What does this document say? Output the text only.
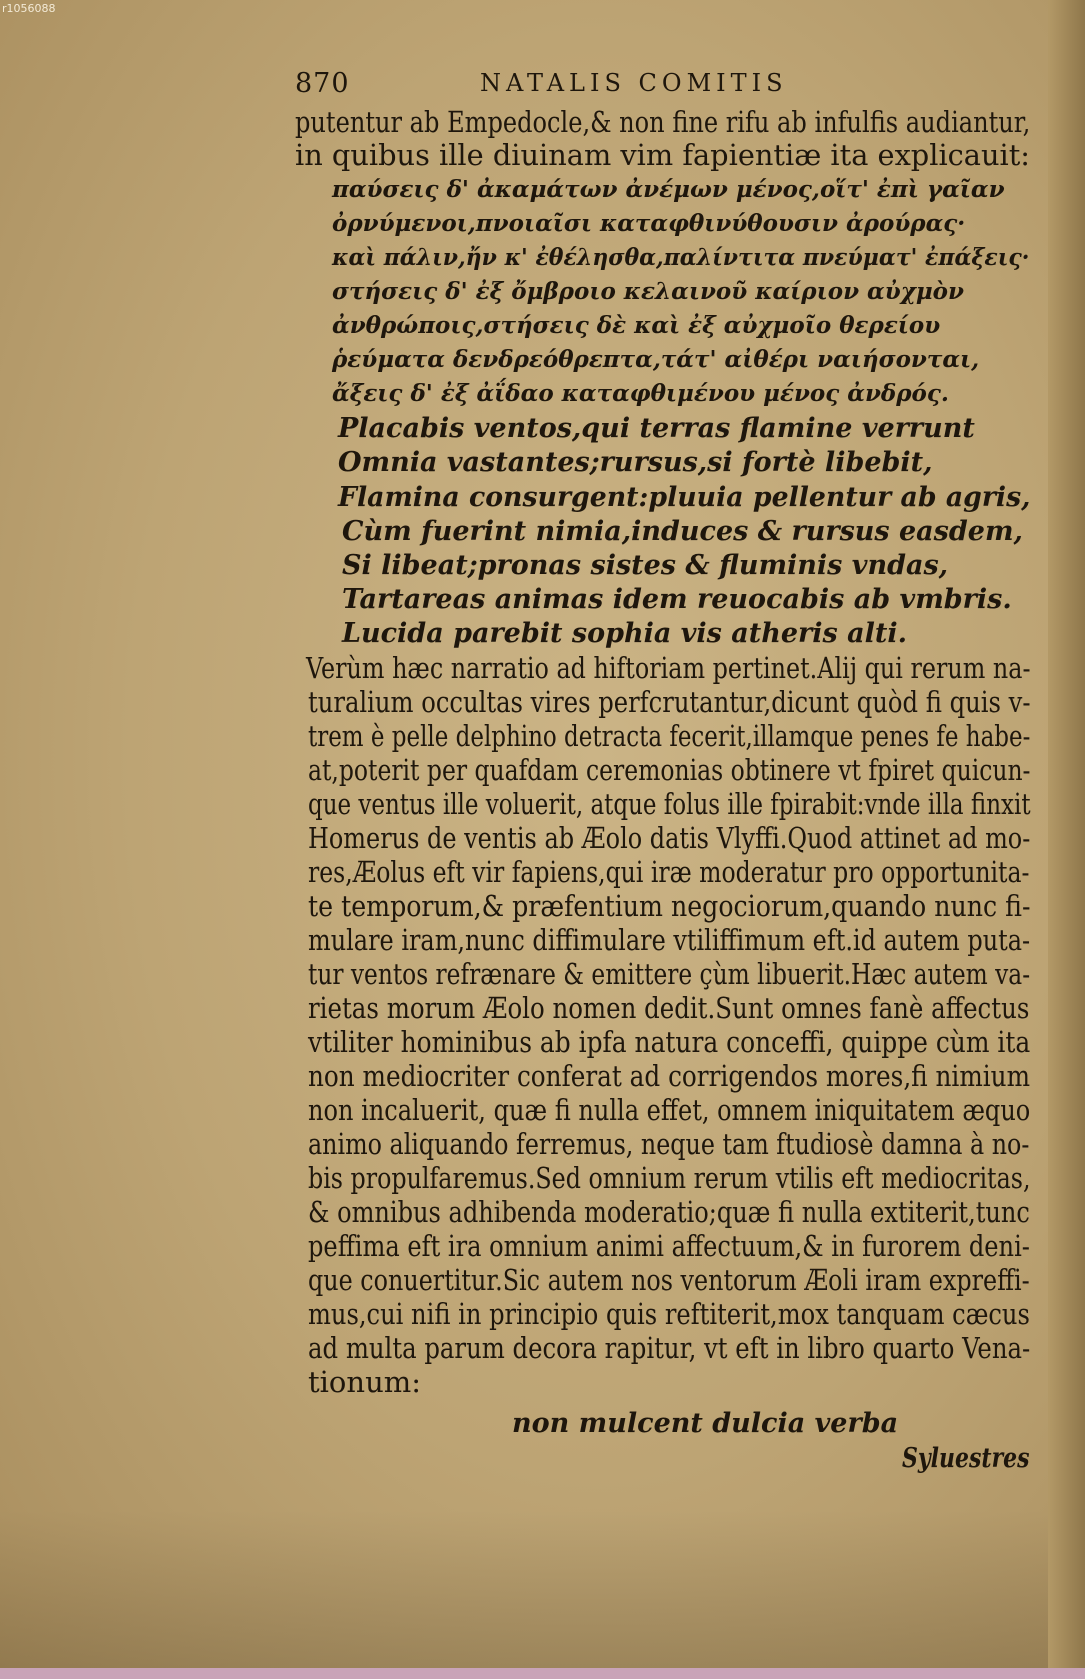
r1056088
870	NATALIS COMITIS
putentur ab Empedocle,& non fine rifu ab infulfis audiantur,
in quibus ille diuinam vim fapientiæ ita explicauit:
παύσεις δ' ἀκαμάτων ἀνέμων μένος,οἵτ' ἐπὶ γαῖαν
ὀρνύμενοι,πνοιαῖσι καταφθινύθουσιν ἀρούρας·
καὶ πάλιν,ἤν κ' ἐθέλησθα,παλίντιτα πνεύματ' ἐπάξεις·
στήσεις δ' ἐξ ὄμβροιο κελαινοῦ καίριον αὐχμὸν
ἀνθρώποις,στήσεις δὲ καὶ ἐξ αὐχμοῖο θερείου
ῥεύματα δενδρεόθρεπτα,τάτ' αἰθέρι ναιήσονται,
ἄξεις δ' ἐξ ἀΐδαο καταφθιμένου μένος ἀνδρός.
Placabis ventos,qui terras flamine verrunt
Omnia vastantes;rursus,si fortè libebit,
Flamina consurgent:pluuia pellentur ab agris,
Cùm fuerint nimia,induces & rursus easdem,
Si libeat;pronas sistes & fluminis vndas,
Tartareas animas idem reuocabis ab vmbris.
Lucida parebit sophia vis atheris alti.
Verùm hæc narratio ad hiftoriam pertinet.Alij qui rerum na-
turalium occultas vires perfcrutantur,dicunt quòd fi quis v-
trem è pelle delphino detracta fecerit,illamque penes fe habe-
at,poterit per quafdam ceremonias obtinere vt fpiret quicun-
que ventus ille voluerit, atque folus ille fpirabit:vnde illa finxit
Homerus de ventis ab Æolo datis Vlyffi.Quod attinet ad mo-
res,Æolus eft vir fapiens,qui iræ moderatur pro opportunita-
te temporum,& præfentium negociorum,quando nunc fi-
mulare iram,nunc diffimulare vtiliffimum eft.id autem puta-
tur ventos refrænare & emittere çùm libuerit.Hæc autem va-
rietas morum Æolo nomen dedit.Sunt omnes fanè affectus
vtiliter hominibus ab ipfa natura conceffi, quippe cùm ita
non mediocriter conferat ad corrigendos mores,fi nimium
non incaluerit, quæ fi nulla effet, omnem iniquitatem æquo
animo aliquando ferremus, neque tam ftudiosè damna à no-
bis propulfaremus.Sed omnium rerum vtilis eft mediocritas,
& omnibus adhibenda moderatio;quæ fi nulla extiterit,tunc
peffima eft ira omnium animi affectuum,& in furorem deni-
que conuertitur.Sic autem nos ventorum Æoli iram expreffi-
mus,cui nifi in principio quis reftiterit,mox tanquam cæcus
ad multa parum decora rapitur, vt eft in libro quarto Vena-
tionum:
non mulcent dulcia verba
Syluestres
